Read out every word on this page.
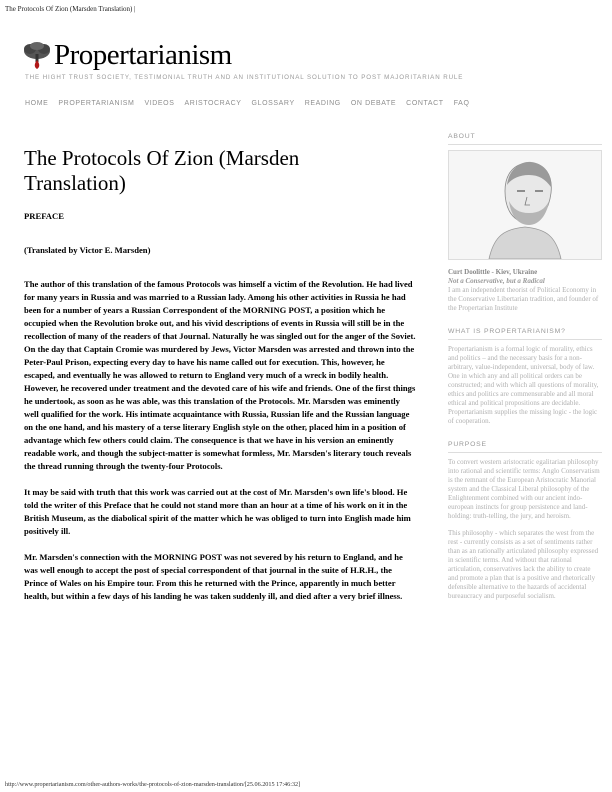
The Protocols Of Zion (Marsden Translation) |
Propertarianism
THE HIGHT TRUST SOCIETY, TESTIMONIAL TRUTH AND AN INSTITUTIONAL SOLUTION TO POST MAJORITARIAN RULE
HOME PROPERTARIANISM VIDEOS ARISTOCRACY GLOSSARY READING ON DEBATE CONTACT FAQ
The Protocols Of Zion (Marsden Translation)

PREFACE

(Translated by Victor E. Marsden)

The author of this translation of the famous Protocols was himself a victim of the Revolution. He had lived for many years in Russia and was married to a Russian lady. Among his other activities in Russia he had been for a number of years a Russian Correspondent of the MORNING POST, a position which he occupied when the Revolution broke out, and his vivid descriptions of events in Russia will still be in the recollection of many of the readers of that Journal. Naturally he was singled out for the anger of the Soviet. On the day that Captain Cromie was murdered by Jews, Victor Marsden was arrested and thrown into the Peter-Paul Prison, expecting every day to have his name called out for execution. This, however, he escaped, and eventually he was allowed to return to England very much of a wreck in bodily health. However, he recovered under treatment and the devoted care of his wife and friends. One of the first things he undertook, as soon as he was able, was this translation of the Protocols. Mr. Marsden was eminently well qualified for the work. His intimate acquaintance with Russia, Russian life and the Russian language on the one hand, and his mastery of a terse literary English style on the other, placed him in a position of advantage which few others could claim. The consequence is that we have in his version an eminently readable work, and though the subject-matter is somewhat formless, Mr. Marsden's literary touch reveals the thread running through the twenty-four Protocols.

It may be said with truth that this work was carried out at the cost of Mr. Marsden's own life's blood. He told the writer of this Preface that he could not stand more than an hour at a time of his work on it in the British Museum, as the diabolical spirit of the matter which he was obliged to turn into English made him positively ill.

Mr. Marsden's connection with the MORNING POST was not severed by his return to England, and he was well enough to accept the post of special correspondent of that journal in the suite of H.R.H., the Prince of Wales on his Empire tour. From this he returned with the Prince, apparently in much better health, but within a few days of his landing he was taken suddenly ill, and died after a very brief illness.

ABOUT
Curt Doolittle - Kiev, Ukraine
Not a Conservative, but a Radical

I am an independent theorist of Political Economy in the Conservative Libertarian tradition, and founder of the Propertarian Institute

WHAT IS PROPERTARIANISM?

Propertarianism is a formal logic of morality, ethics and politics – and the necessary basis for a non-arbitrary, value-independent, universal, body of law. One in which any and all political orders can be constructed; and with which all questions of morality, ethics and politics are commensurable and all moral ethical and political propositions are decidable. Propertarianism supplies the missing logic - the logic of cooperation.

PURPOSE

To convert western aristocratic egalitarian philosophy into rational and scientific terms: Anglo Conservatism is the remnant of the European Aristocratic Manorial system and the Classical Liberal philosophy of the Enlightenment combined with our ancient indo-european instincts for group persistence and land-holding: truth-telling, the jury, and heroism.

This philosophy - which separates the west from the rest - currently consists as a set of sentiments rather than as an rationally articulated philosophy expressed in scientific terms. And without that rational articulation, conservatives lack the ability to create and promote a plan that is a positive and rhetorically defensible alternative to the hazards of accidental bureaucracy and purposeful socialism.

http://www.propertarianism.com/other-authors-works/the-protocols-of-zion-marsden-translation/[25.06.2015 17:46:32]
